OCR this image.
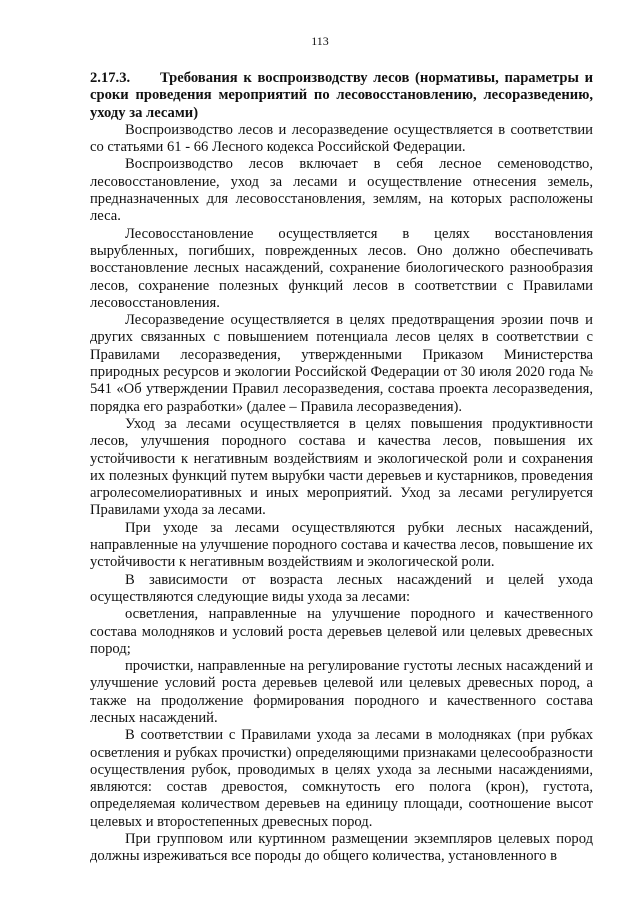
113

2.17.3. Требования к воспроизводству лесов (нормативы, параметры и сроки проведения мероприятий по лесовосстановлению, лесоразведению, уходу за лесами)

Воспроизводство лесов и лесоразведение осуществляется в соответствии со статьями 61 - 66 Лесного кодекса Российской Федерации.

Воспроизводство лесов включает в себя лесное семеноводство, лесовосстановление, уход за лесами и осуществление отнесения земель, предназначенных для лесовосстановления, землям, на которых расположены леса.

Лесовосстановление осуществляется в целях восстановления вырубленных, погибших, поврежденных лесов. Оно должно обеспечивать восстановление лесных насаждений, сохранение биологического разнообразия лесов, сохранение полезных функций лесов в соответствии с Правилами лесовосстановления.

Лесоразведение осуществляется в целях предотвращения эрозии почв и других связанных с повышением потенциала лесов целях в соответствии с Правилами лесоразведения, утвержденными Приказом Министерства природных ресурсов и экологии Российской Федерации от 30 июля 2020 года № 541 «Об утверждении Правил лесоразведения, состава проекта лесоразведения, порядка его разработки» (далее – Правила лесоразведения).

Уход за лесами осуществляется в целях повышения продуктивности лесов, улучшения породного состава и качества лесов, повышения их устойчивости к негативным воздействиям и экологической роли и сохранения их полезных функций путем вырубки части деревьев и кустарников, проведения агролесомелиоративных и иных мероприятий. Уход за лесами регулируется Правилами ухода за лесами.

При уходе за лесами осуществляются рубки лесных насаждений, направленные на улучшение породного состава и качества лесов, повышение их устойчивости к негативным воздействиям и экологической роли.

В зависимости от возраста лесных насаждений и целей ухода осуществляются следующие виды ухода за лесами:

осветления, направленные на улучшение породного и качественного состава молодняков и условий роста деревьев целевой или целевых древесных пород;

прочистки, направленные на регулирование густоты лесных насаждений и улучшение условий роста деревьев целевой или целевых древесных пород, а также на продолжение формирования породного и качественного состава лесных насаждений.

В соответствии с Правилами ухода за лесами в молодняках (при рубках осветления и рубках прочистки) определяющими признаками целесообразности осуществления рубок, проводимых в целях ухода за лесными насаждениями, являются: состав древостоя, сомкнутость его полога (крон), густота, определяемая количеством деревьев на единицу площади, соотношение высот целевых и второстепенных древесных пород.

При групповом или куртинном размещении экземпляров целевых пород должны изреживаться все породы до общего количества, установленного в
